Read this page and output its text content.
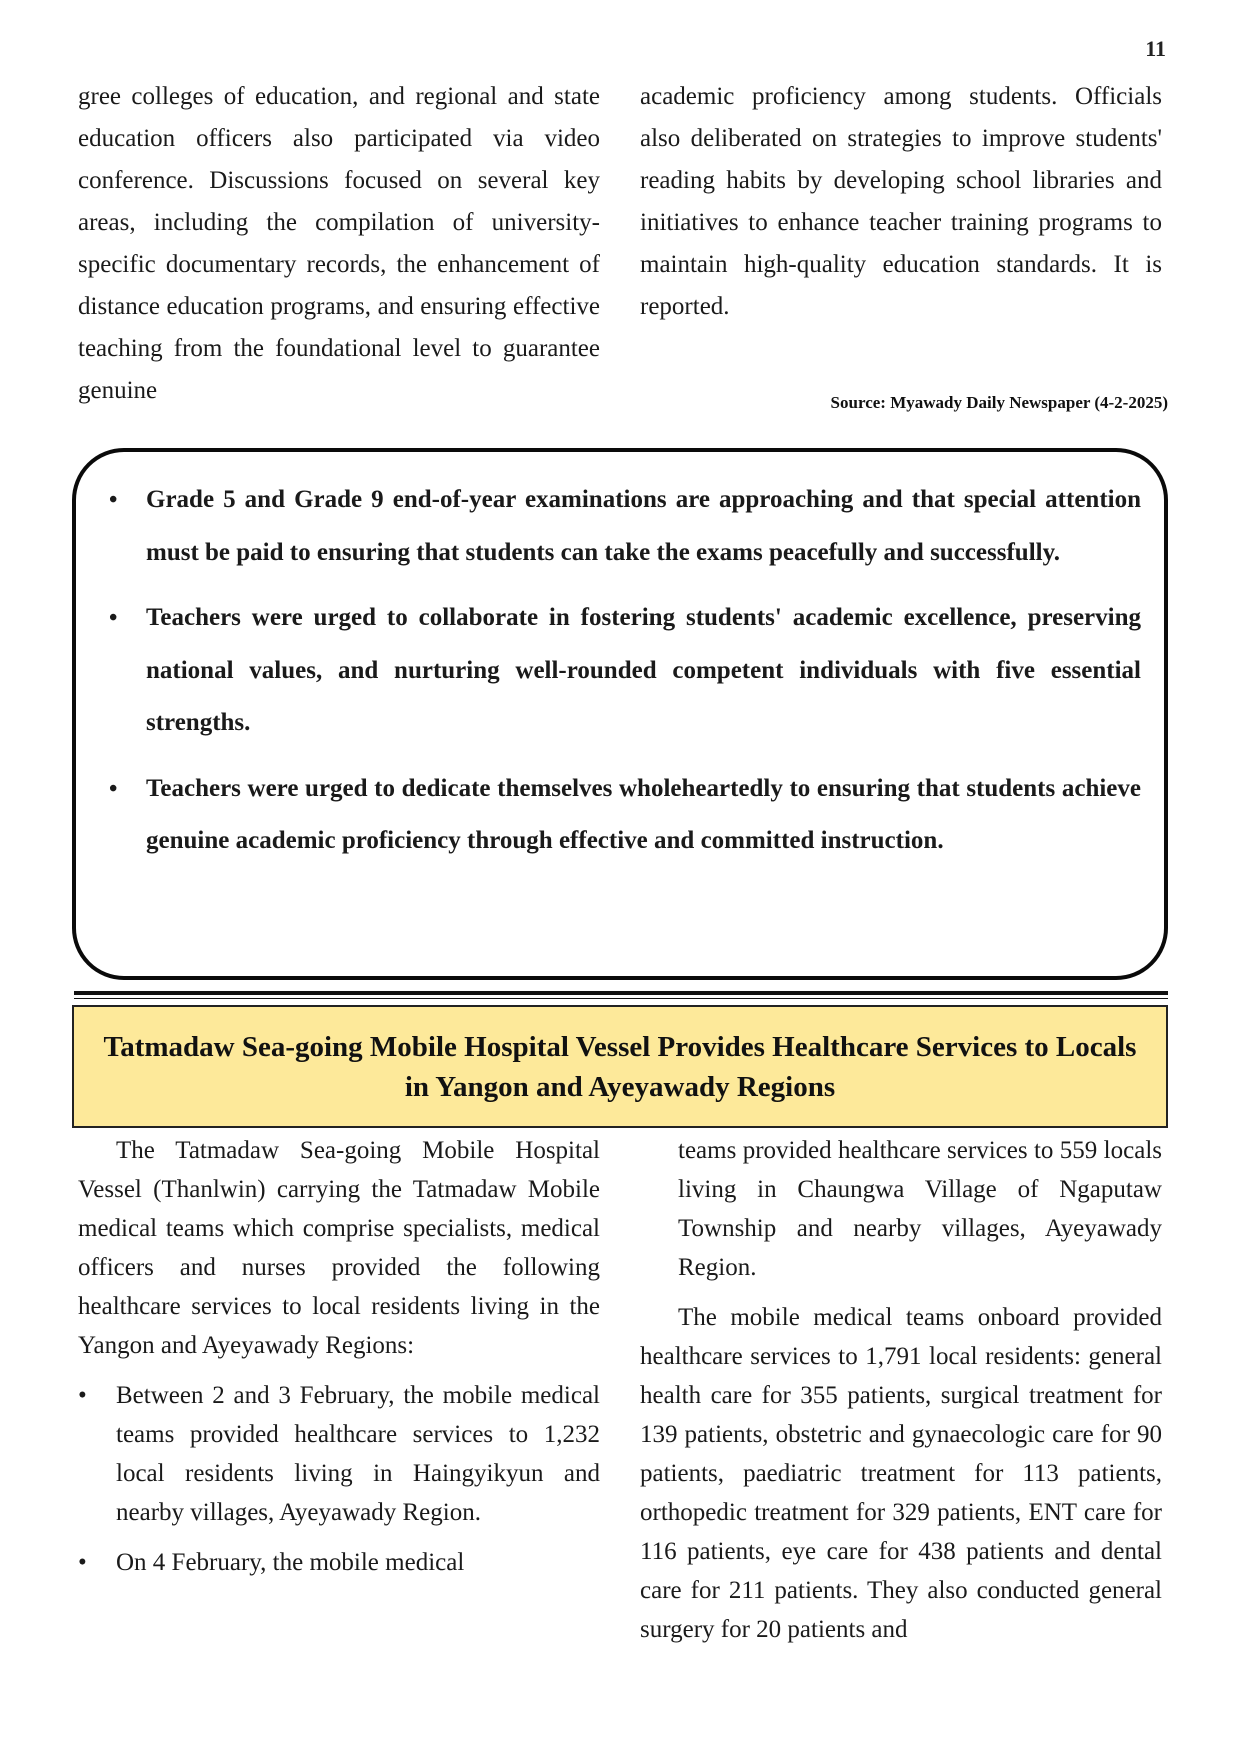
11

gree colleges of education, and regional and state education officers also participated via video conference. Discussions focused on several key areas, including the compilation of university-specific documentary records, the enhancement of distance education programs, and ensuring effective teaching from the foundational level to guarantee genuine

academic proficiency among students. Officials also deliberated on strategies to improve students' reading habits by developing school libraries and initiatives to enhance teacher training programs to maintain high-quality education standards. It is reported.

Source: Myawady Daily Newspaper (4-2-2025)
• Grade 5 and Grade 9 end-of-year examinations are approaching and that special attention must be paid to ensuring that students can take the exams peacefully and successfully.
• Teachers were urged to collaborate in fostering students' academic excellence, preserving national values, and nurturing well-rounded competent individuals with five essential strengths.
• Teachers were urged to dedicate themselves wholeheartedly to ensuring that students achieve genuine academic proficiency through effective and committed instruction.
Tatmadaw Sea-going Mobile Hospital Vessel Provides Healthcare Services to Locals in Yangon and Ayeyawady Regions

The Tatmadaw Sea-going Mobile Hospital Vessel (Thanlwin) carrying the Tatmadaw Mobile medical teams which comprise specialists, medical officers and nurses provided the following healthcare services to local residents living in the Yangon and Ayeyawady Regions:

• Between 2 and 3 February, the mobile medical teams provided healthcare services to 1,232 local residents living in Haingyikyun and nearby villages, Ayeyawady Region.
• On 4 February, the mobile medical

teams provided healthcare services to 559 locals living in Chaungwa Village of Ngaputaw Township and nearby villages, Ayeyawady Region.

The mobile medical teams onboard provided healthcare services to 1,791 local residents: general health care for 355 patients, surgical treatment for 139 patients, obstetric and gynaecologic care for 90 patients, paediatric treatment for 113 patients, orthopedic treatment for 329 patients, ENT care for 116 patients, eye care for 438 patients and dental care for 211 patients. They also conducted general surgery for 20 patients and
